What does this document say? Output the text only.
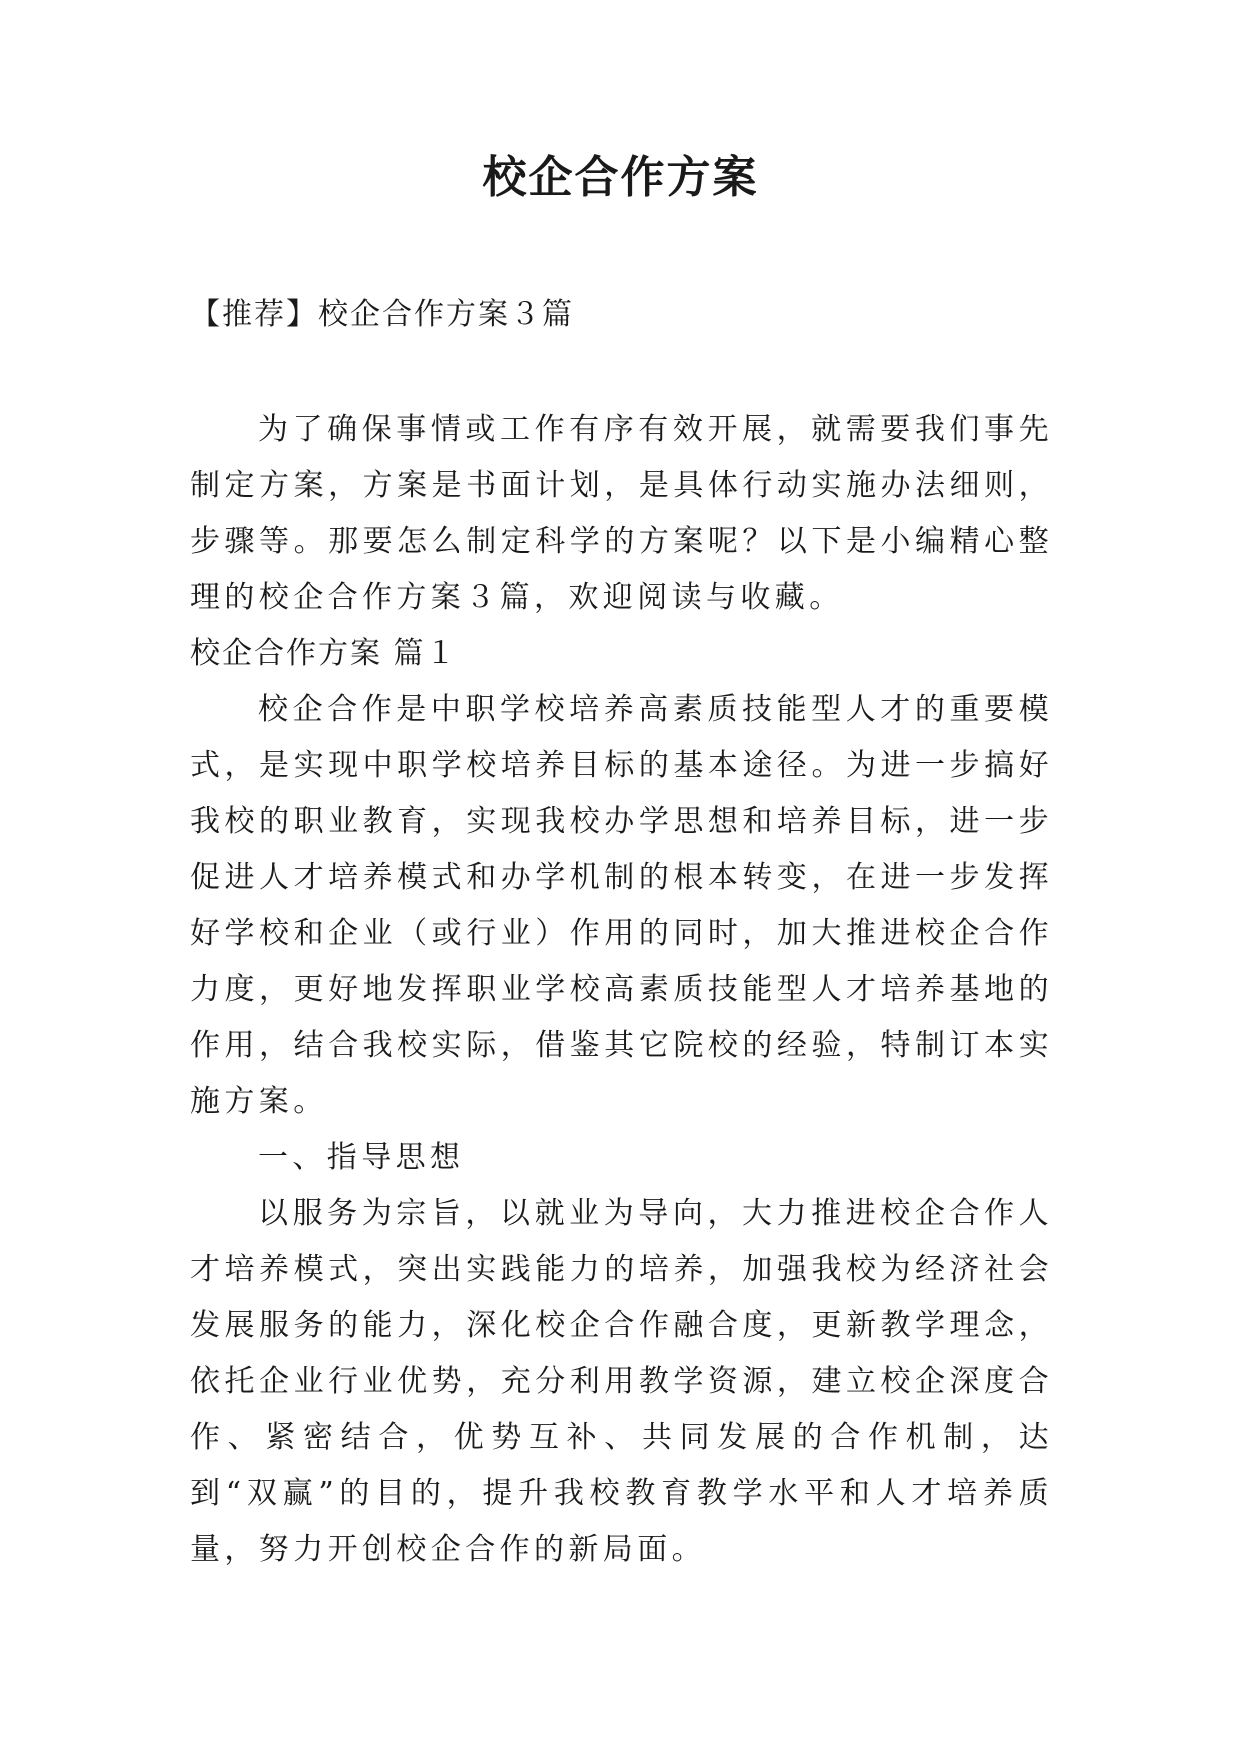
校企合作方案
【推荐】校企合作方案３篇

为了确保事情或工作有序有效开展，就需要我们事先制定方案，方案是书面计划，是具体行动实施办法细则，步骤等。那要怎么制定科学的方案呢？以下是小编精心整理的校企合作方案３篇，欢迎阅读与收藏。

校企合作方案 篇１

校企合作是中职学校培养高素质技能型人才的重要模式，是实现中职学校培养目标的基本途径。为进一步搞好我校的职业教育，实现我校办学思想和培养目标，进一步促进人才培养模式和办学机制的根本转变，在进一步发挥好学校和企业（或行业）作用的同时，加大推进校企合作力度，更好地发挥职业学校高素质技能型人才培养基地的作用，结合我校实际，借鉴其它院校的经验，特制订本实施方案。

一、指导思想

以服务为宗旨，以就业为导向，大力推进校企合作人才培养模式，突出实践能力的培养，加强我校为经济社会发展服务的能力，深化校企合作融合度，更新教学理念，依托企业行业优势，充分利用教学资源，建立校企深度合作、紧密结合，优势互补、共同发展的合作机制，达到“双赢”的目的，提升我校教育教学水平和人才培养质量，努力开创校企合作的新局面。
